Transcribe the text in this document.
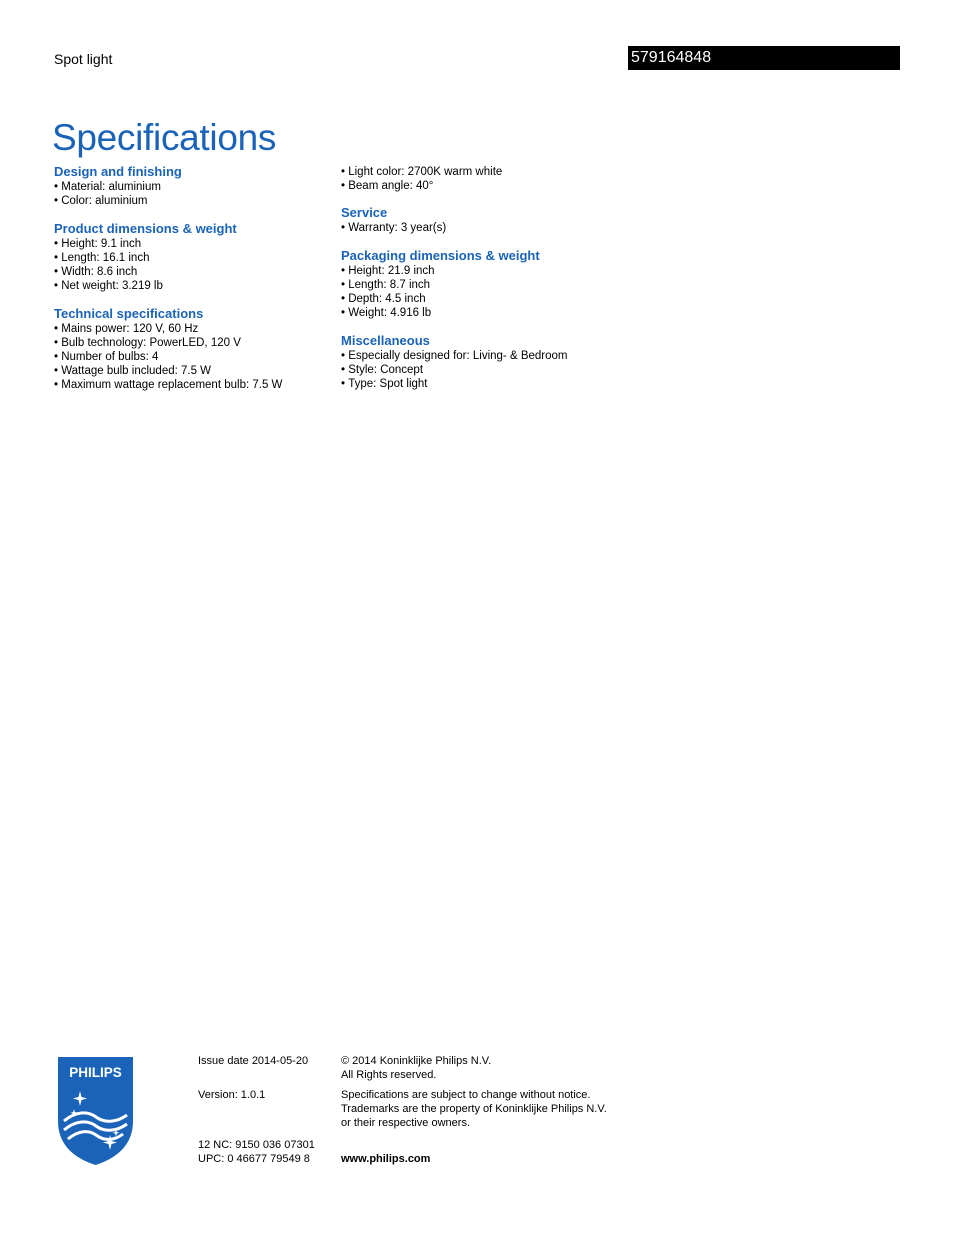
Spot light	579164848
Specifications
Design and finishing
• Material: aluminium
• Color: aluminium
Product dimensions & weight
• Height: 9.1 inch
• Length: 16.1 inch
• Width: 8.6 inch
• Net weight: 3.219 lb
Technical specifications
• Mains power: 120 V, 60 Hz
• Bulb technology: PowerLED, 120 V
• Number of bulbs: 4
• Wattage bulb included: 7.5 W
• Maximum wattage replacement bulb: 7.5 W
• Light color: 2700K warm white
• Beam angle: 40°
Service
• Warranty: 3 year(s)
Packaging dimensions & weight
• Height: 21.9 inch
• Length: 8.7 inch
• Depth: 4.5 inch
• Weight: 4.916 lb
Miscellaneous
• Especially designed for: Living- & Bedroom
• Style: Concept
• Type: Spot light
PHILIPS
Issue date 2014-05-20
Version: 1.0.1
12 NC: 9150 036 07301
UPC: 0 46677 79549 8
© 2014 Koninklijke Philips N.V.
All Rights reserved.
Specifications are subject to change without notice.
Trademarks are the property of Koninklijke Philips N.V.
or their respective owners.
www.philips.com
